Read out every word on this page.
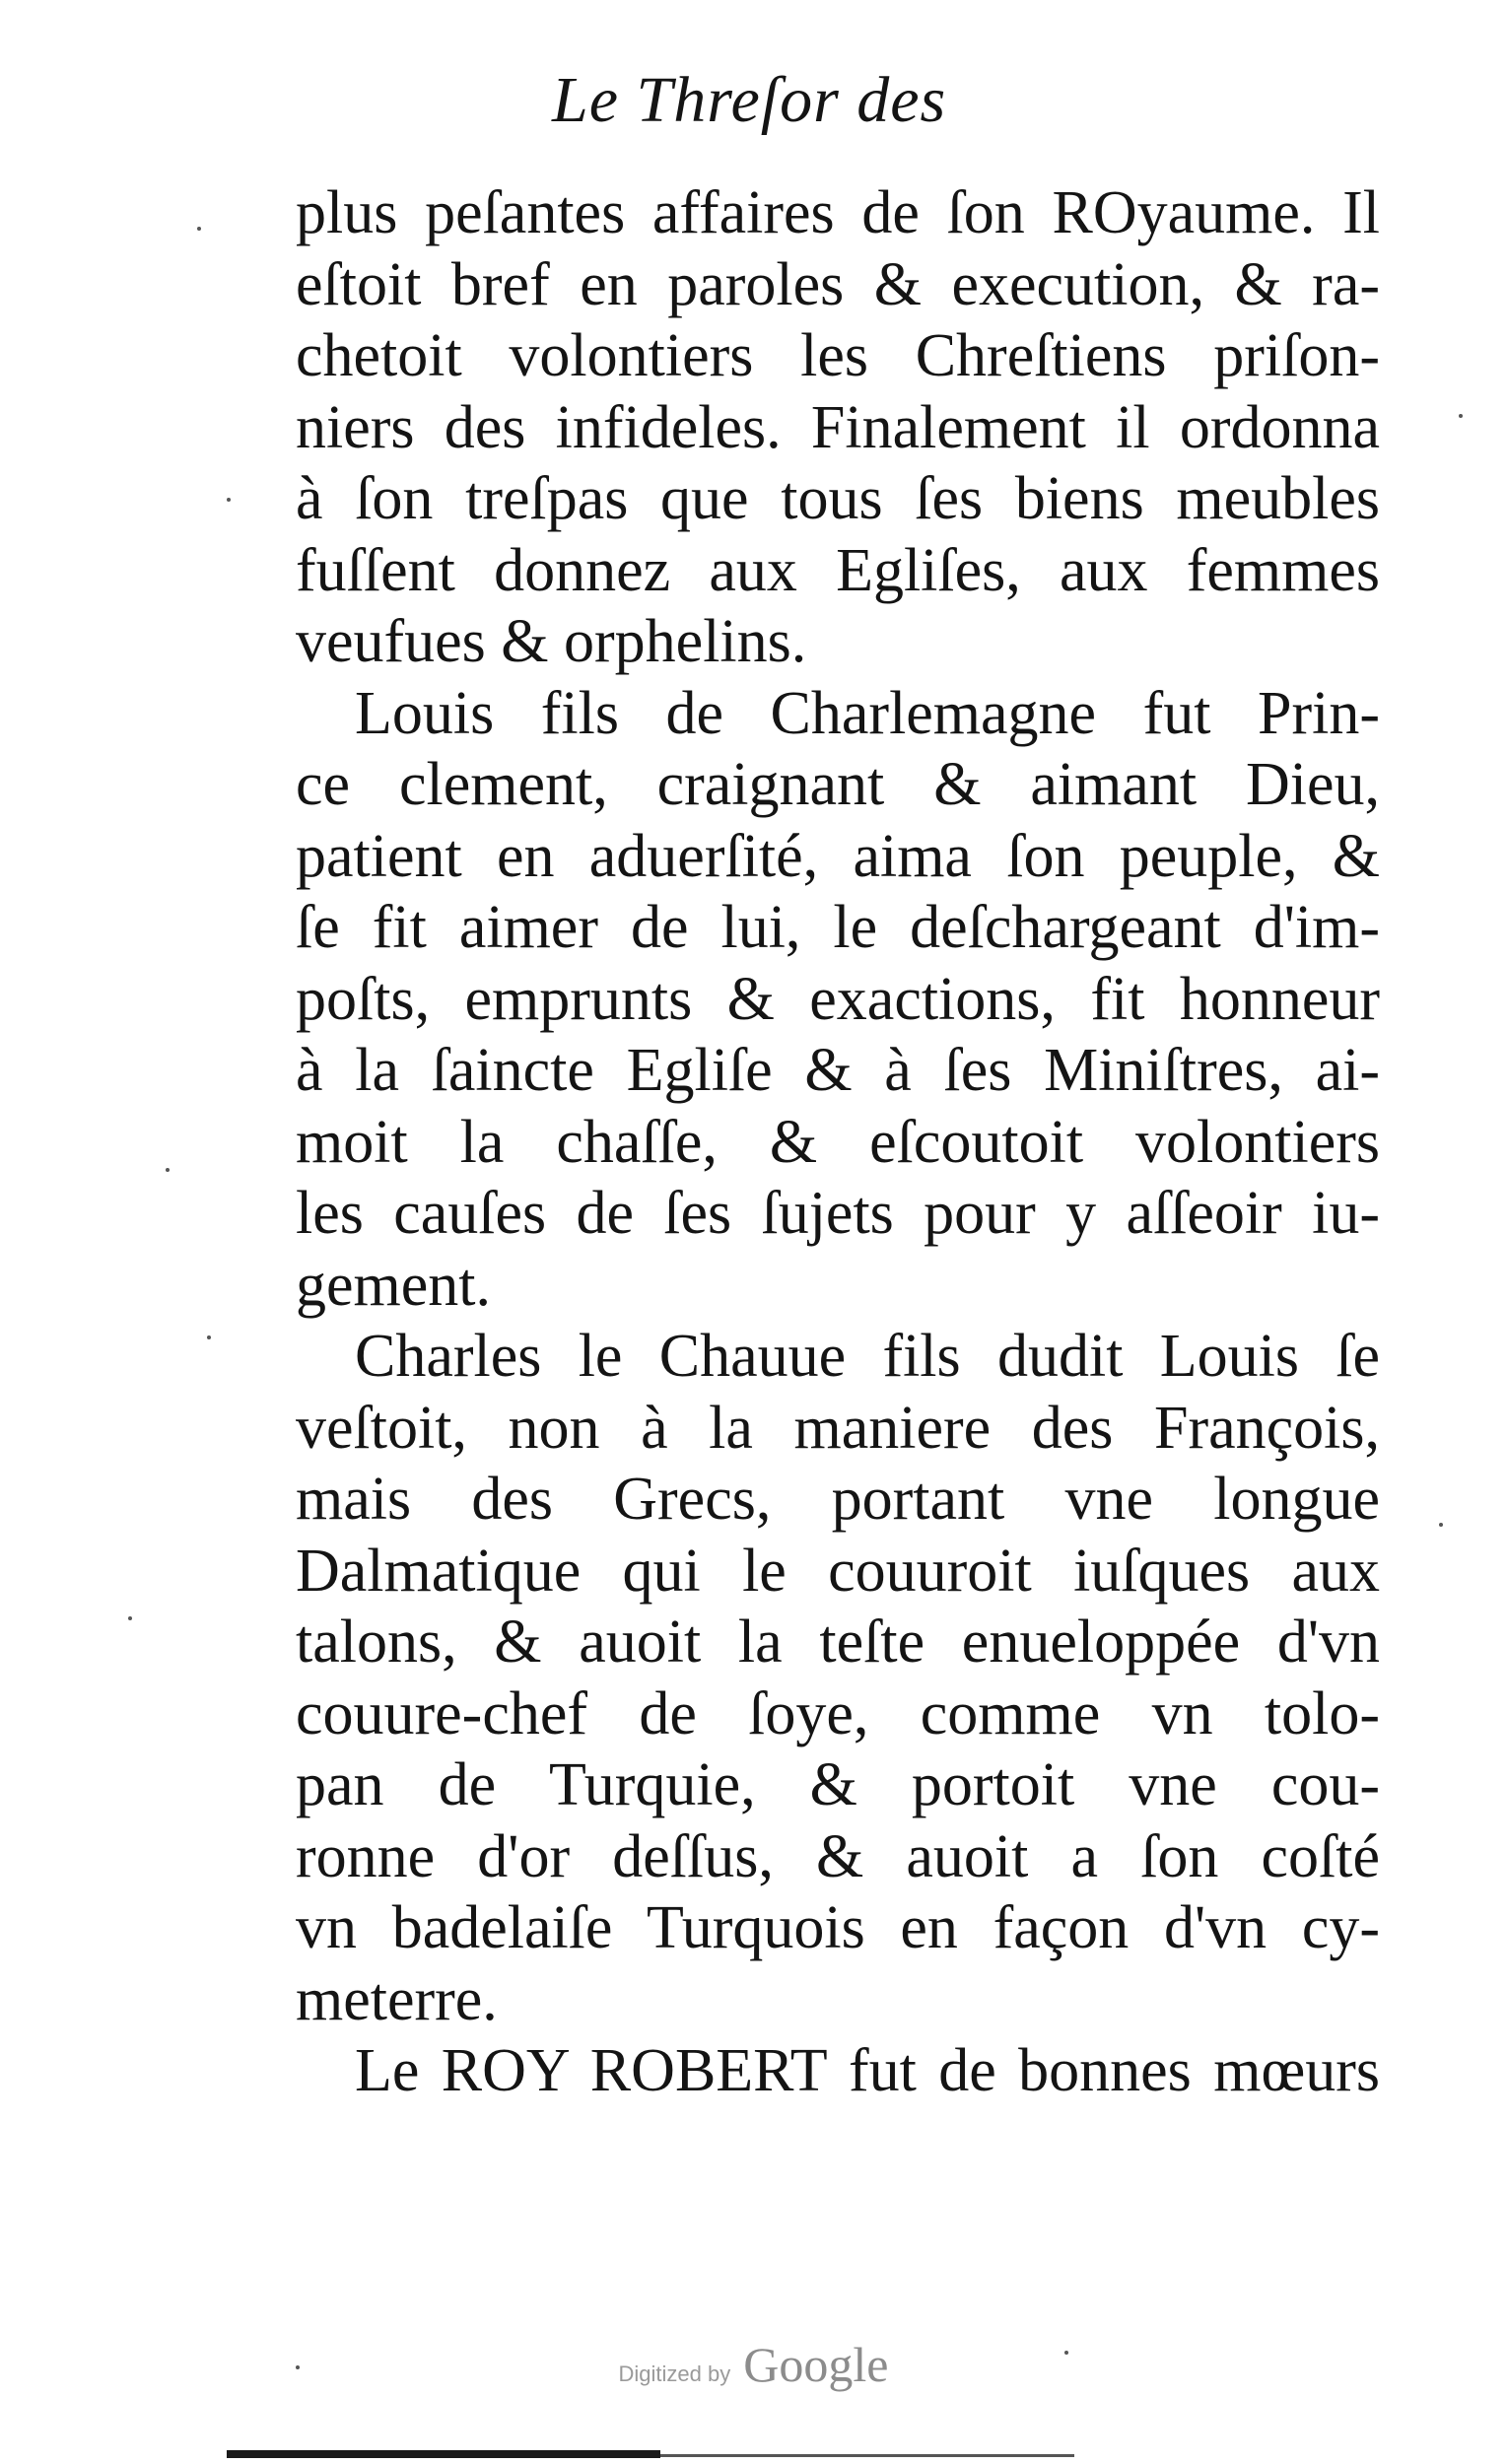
Le Threſor des
plus peſantes affaires de ſon ROyaume. Il
eſtoit bref en paroles & execution, & ra-
chetoit volontiers les Chreſtiens priſon-
niers des infideles. Finalement il ordonna
à ſon treſpas que tous ſes biens meubles
fuſſent donnez aux Egliſes, aux femmes
veufues & orphelins.
Louis fils de Charlemagne fut Prin-
ce clement, craignant & aimant Dieu,
patient en aduerſité, aima ſon peuple, &
ſe fit aimer de lui, le deſchargeant d'im-
poſts, emprunts & exactions, fit honneur
à la ſaincte Egliſe & à ſes Miniſtres, ai-
moit la chaſſe, & eſcoutoit volontiers
les cauſes de ſes ſujets pour y aſſeoir iu-
gement.
Charles le Chauue fils dudit Louis ſe
veſtoit, non à la maniere des François,
mais des Grecs, portant vne longue
Dalmatique qui le couuroit iuſques aux
talons, & auoit la teſte enueloppée d'vn
couure-chef de ſoye, comme vn tolo-
pan de Turquie, & portoit vne cou-
ronne d'or deſſus, & auoit a ſon coſté
vn badelaiſe Turquois en façon d'vn cy-
meterre.
Le ROY ROBERT fut de bonnes mœurs
Digitized by Google
